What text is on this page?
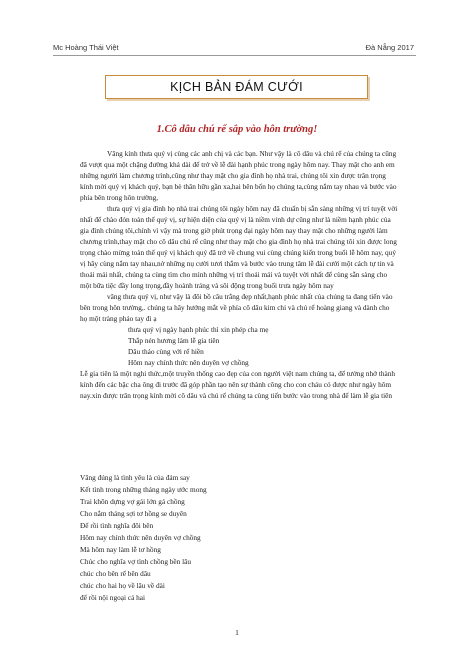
Mc Hoàng Thái Việt	Đà Nẵng 2017
KỊCH BẢN ĐÁM CƯỚI
1.Cô dâu chú rể sắp vào hôn trường!

Vâng kính thưa quý vị cùng các anh chị và các bạn. Như vậy là cô dâu và chú rể của chúng ta cũng đã vượt qua một chặng đường khá dài để trở về lễ đài hạnh phúc trong ngày hôm nay. Thay mặt cho anh em những người làm chương trình,cũng như thay mặt cho gia đình họ nhà trai, chúng tôi xin được trân trọng kính mời quý vị khách quý, bạn bè thân hữu gần xa,hai bên bốn họ chúng ta,cùng nắm tay nhau và bước vào phía bên trong hôn trường,

thưa quý vị gia đình họ nhà trai chúng tôi ngày hôm nay đã chuẩn bị sẵn sàng những vị trí tuyệt vời nhất để chào đón toàn thể quý vị, sự hiện diện của quý vị là niềm vinh dự cũng như là niềm hạnh phúc của gia đình chúng tôi,chính vì vậy mà trong giờ phút trọng đại ngày hôm nay thay mặt cho những người làm chương trình,thay mặt cho cô dâu chú rể cũng như thay mặt cho gia đình họ nhà trai chúng tôi xin được long trọng chào mừng toàn thể quý vị khách quý đã trở về chung vui cùng chúng kiến trong buổi lễ hôm nay, quý vị hãy cùng nắm tay nhau,nở những nụ cười tươi thắm và bước vào trung tâm lễ đài cưới một cách tự tin và thoải mái nhất, chúng ta cùng tìm cho mình những vị trí thoải mái và tuyệt vời nhất để cùng sẵn sàng cho một bữa tiệc đầy long trọng,đầy hoành tráng và sôi động trong buổi trưa ngày hôm nay

vâng thưa quý vị, như vậy là đôi bồ câu trắng đẹp nhất,hạnh phúc nhất của chúng ta đang tiến vào bên trong hôn trường,. chúng ta hãy hướng mắt về phía cô dâu kim chi và chú rể hoàng giang và dành cho họ một tràng pháo tay đi ạ

thưa quý vị ngày hạnh phúc thì xin phép cha mẹ

Thắp nén hương làm lễ gia tiên

Dâu thảo cùng với rể hiền

Hôm nay chính thức nên duyên vợ chồng

Lễ gia tiên là một nghi thức,một truyền thống cao đẹp của con người việt nam chúng ta, để tưởng nhớ thành kính đến các bậc cha ông đi trước đã góp phần tạo nên sự thành công cho con cháu có được như ngày hôm nay.xin được trân trọng kính mời cô dâu và chú rể chúng ta cùng tiến bước vào trong nhà để làm lễ gia tiên

Vâng đúng là tình yêu là của đám say
Kết tình trong những tháng ngày ước mong
Trai khôn dựng vợ gái lớn gả chồng
Cho nắm tháng sợi tơ hồng se duyên
Để rồi tình nghĩa đôi bên
Hôm nay chính thức nên duyên vợ chồng
Mà hôm nay làm lễ tơ hồng
Chúc cho nghĩa vợ tình chồng bền lâu
chúc cho bên rể bên dâu
chúc cho hai họ về lâu về dài
để rồi nội ngoại cả hai
1
